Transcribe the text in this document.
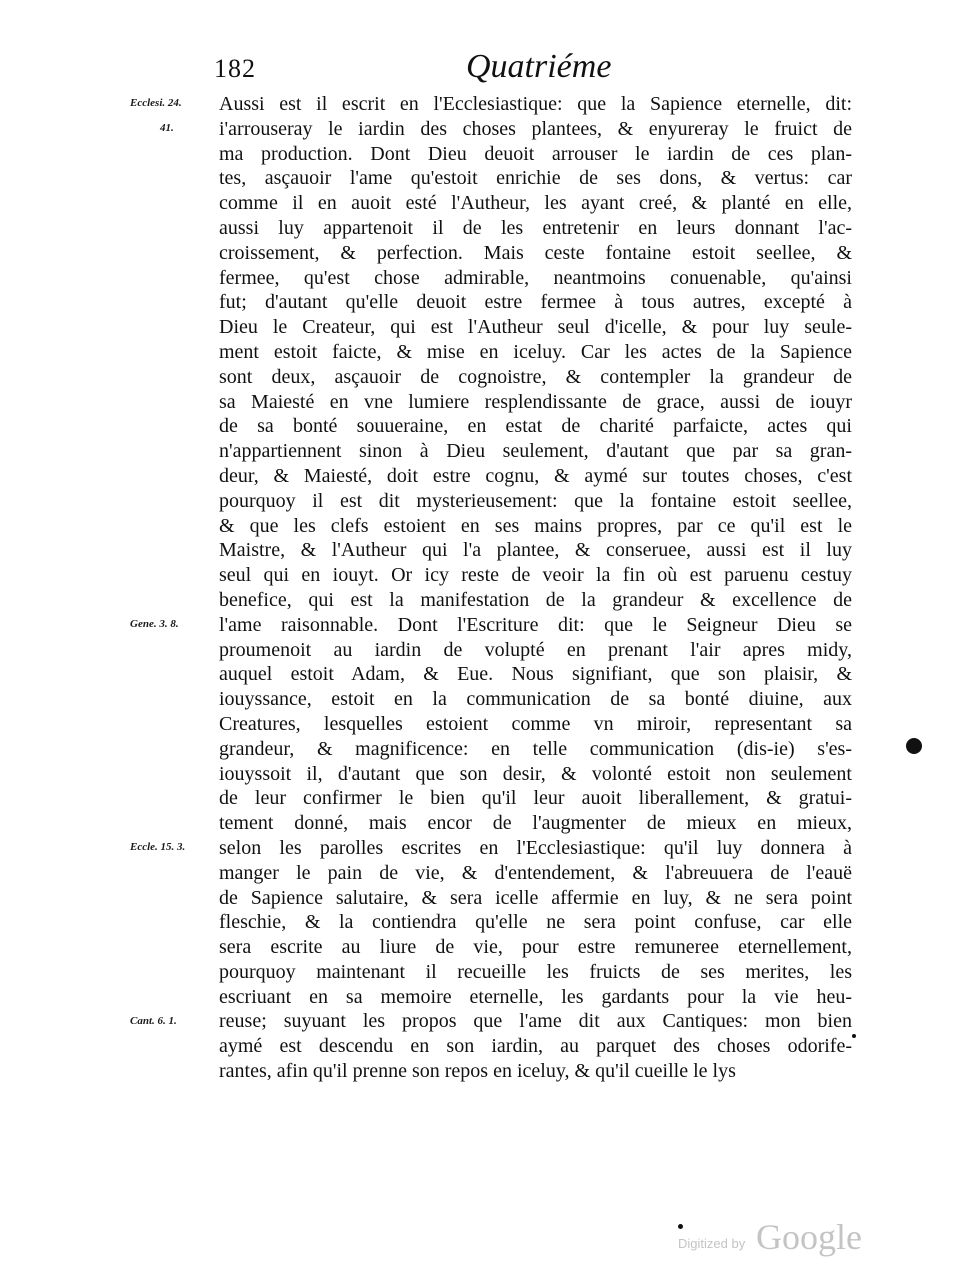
182	Quatriéme
Aussi est il escrit en l'Ecclesiastique: que la Sapience eternelle, dit:
i'arrouseray le iardin des choses plantees, & enyureray le fruict de
ma production. Dont Dieu deuoit arrouser le iardin de ces plan-
tes, asçauoir l'ame qu'estoit enrichie de ses dons, & vertus: car
comme il en auoit esté l'Autheur, les ayant creé, & planté en elle,
aussi luy appartenoit il de les entretenir en leurs donnant l'ac-
croissement, & perfection. Mais ceste fontaine estoit seellee, &
fermee, qu'est chose admirable, neantmoins conuenable, qu'ainsi
fut; d'autant qu'elle deuoit estre fermee à tous autres, excepté à
Dieu le Createur, qui est l'Autheur seul d'icelle, & pour luy seule-
ment estoit faicte, & mise en iceluy. Car les actes de la Sapience
sont deux, asçauoir de cognoistre, & contempler la grandeur de
sa Maiesté en vne lumiere resplendissante de grace, aussi de iouyr
de sa bonté souueraine, en estat de charité parfaicte, actes qui
n'appartiennent sinon à Dieu seulement, d'autant que par sa gran-
deur, & Maiesté, doit estre cognu, & aymé sur toutes choses, c'est
pourquoy il est dit mysterieusement: que la fontaine estoit seellee,
& que les clefs estoient en ses mains propres, par ce qu'il est le
Maistre, & l'Autheur qui l'a plantee, & conseruee, aussi est il luy
seul qui en iouyt. Or icy reste de veoir la fin où est paruenu cestuy
benefice, qui est la manifestation de la grandeur & excellence de
l'ame raisonnable. Dont l'Escriture dit: que le Seigneur Dieu se
proumenoit au iardin de volupté en prenant l'air apres midy,
auquel estoit Adam, & Eue. Nous signifiant, que son plaisir, &
iouyssance, estoit en la communication de sa bonté diuine, aux
Creatures, lesquelles estoient comme vn miroir, representant sa
grandeur, & magnificence: en telle communication (dis-ie) s'es-
iouyssoit il, d'autant que son desir, & volonté estoit non seulement
de leur confirmer le bien qu'il leur auoit liberallement, & gratui-
tement donné, mais encor de l'augmenter de mieux en mieux,
selon les parolles escrites en l'Ecclesiastique: qu'il luy donnera à
manger le pain de vie, & d'entendement, & l'abreuuera de l'eauë
de Sapience salutaire, & sera icelle affermie en luy, & ne sera point
fleschie, & la contiendra qu'elle ne sera point confuse, car elle
sera escrite au liure de vie, pour estre remuneree eternellement,
pourquoy maintenant il recueille les fruicts de ses merites, les
escriuant en sa memoire eternelle, les gardants pour la vie heu-
reuse; suyuant les propos que l'ame dit aux Cantiques: mon bien
aymé est descendu en son iardin, au parquet des choses odorife-
rantes, afin qu'il prenne son repos en iceluy, & qu'il cueille le lys
Ecclesi. 24.
41.
Gene. 3. 8.
Eccle. 15. 3.
Cant. 6. 1.
Digitized by Google
